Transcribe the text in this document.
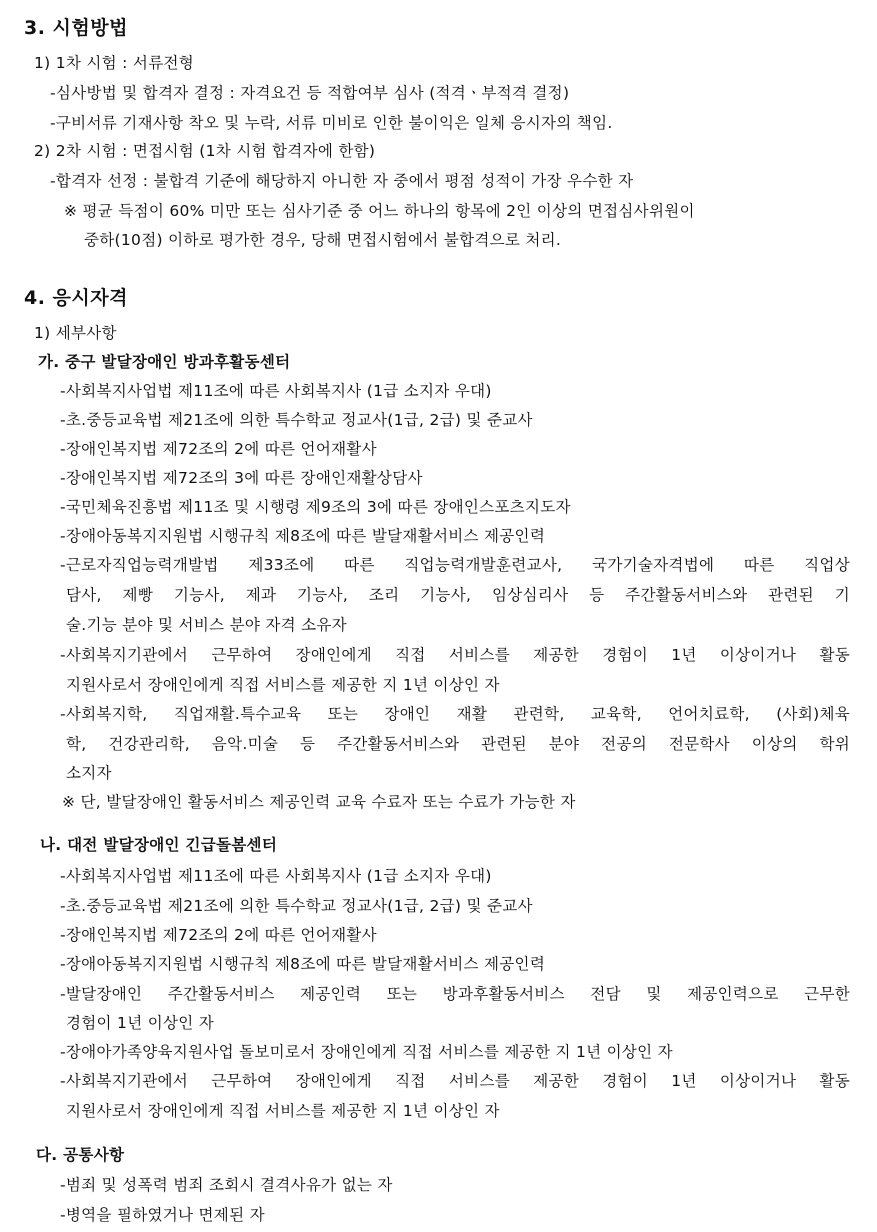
3. 시험방법
1) 1차 시험 : 서류전형
-심사방법 및 합격자 결정 : 자격요건 등 적합여부 심사 (적격ㆍ부적격 결정)
-구비서류 기재사항 착오 및 누락, 서류 미비로 인한 불이익은 일체 응시자의 책임.
2) 2차 시험 : 면접시험 (1차 시험 합격자에 한함)
-합격자 선정 : 불합격 기준에 해당하지 아니한 자 중에서 평점 성적이 가장 우수한 자
※ 평균 득점이 60% 미만 또는 심사기준 중 어느 하나의 항목에 2인 이상의 면접심사위원이
중하(10점) 이하로 평가한 경우, 당해 면접시험에서 불합격으로 처리.
4. 응시자격
1) 세부사항
가. 중구 발달장애인 방과후활동센터
-사회복지사업법 제11조에 따른 사회복지사 (1급 소지자 우대)
-초.중등교육법 제21조에 의한 특수학교 정교사(1급, 2급) 및 준교사
-장애인복지법 제72조의 2에 따른 언어재활사
-장애인복지법 제72조의 3에 따른 장애인재활상담사
-국민체육진흥법 제11조 및 시행령 제9조의 3에 따른 장애인스포츠지도자
-장애아동복지지원법 시행규칙 제8조에 따른 발달재활서비스 제공인력
-근로자직업능력개발법 제33조에 따른 직업능력개발훈련교사, 국가기술자격법에 따른 직업상
담사, 제빵 기능사, 제과 기능사, 조리 기능사, 임상심리사 등 주간활동서비스와 관련된 기
술.기능 분야 및 서비스 분야 자격 소유자
-사회복지기관에서 근무하여 장애인에게 직접 서비스를 제공한 경험이 1년 이상이거나 활동
지원사로서 장애인에게 직접 서비스를 제공한 지 1년 이상인 자
-사회복지학, 직업재활.특수교육 또는 장애인 재활 관련학, 교육학, 언어치료학, (사회)체육
학, 건강관리학, 음악.미술 등 주간활동서비스와 관련된 분야 전공의 전문학사 이상의 학위
소지자
※ 단, 발달장애인 활동서비스 제공인력 교육 수료자 또는 수료가 가능한 자
나. 대전 발달장애인 긴급돌봄센터
-사회복지사업법 제11조에 따른 사회복지사 (1급 소지자 우대)
-초.중등교육법 제21조에 의한 특수학교 정교사(1급, 2급) 및 준교사
-장애인복지법 제72조의 2에 따른 언어재활사
-장애아동복지지원법 시행규칙 제8조에 따른 발달재활서비스 제공인력
-발달장애인 주간활동서비스 제공인력 또는 방과후활동서비스 전담 및 제공인력으로 근무한
경험이 1년 이상인 자
-장애아가족양육지원사업 돌보미로서 장애인에게 직접 서비스를 제공한 지 1년 이상인 자
-사회복지기관에서 근무하여 장애인에게 직접 서비스를 제공한 경험이 1년 이상이거나 활동
지원사로서 장애인에게 직접 서비스를 제공한 지 1년 이상인 자
다. 공통사항
-범죄 및 성폭력 범죄 조회시 결격사유가 없는 자
-병역을 필하였거나 면제된 자
